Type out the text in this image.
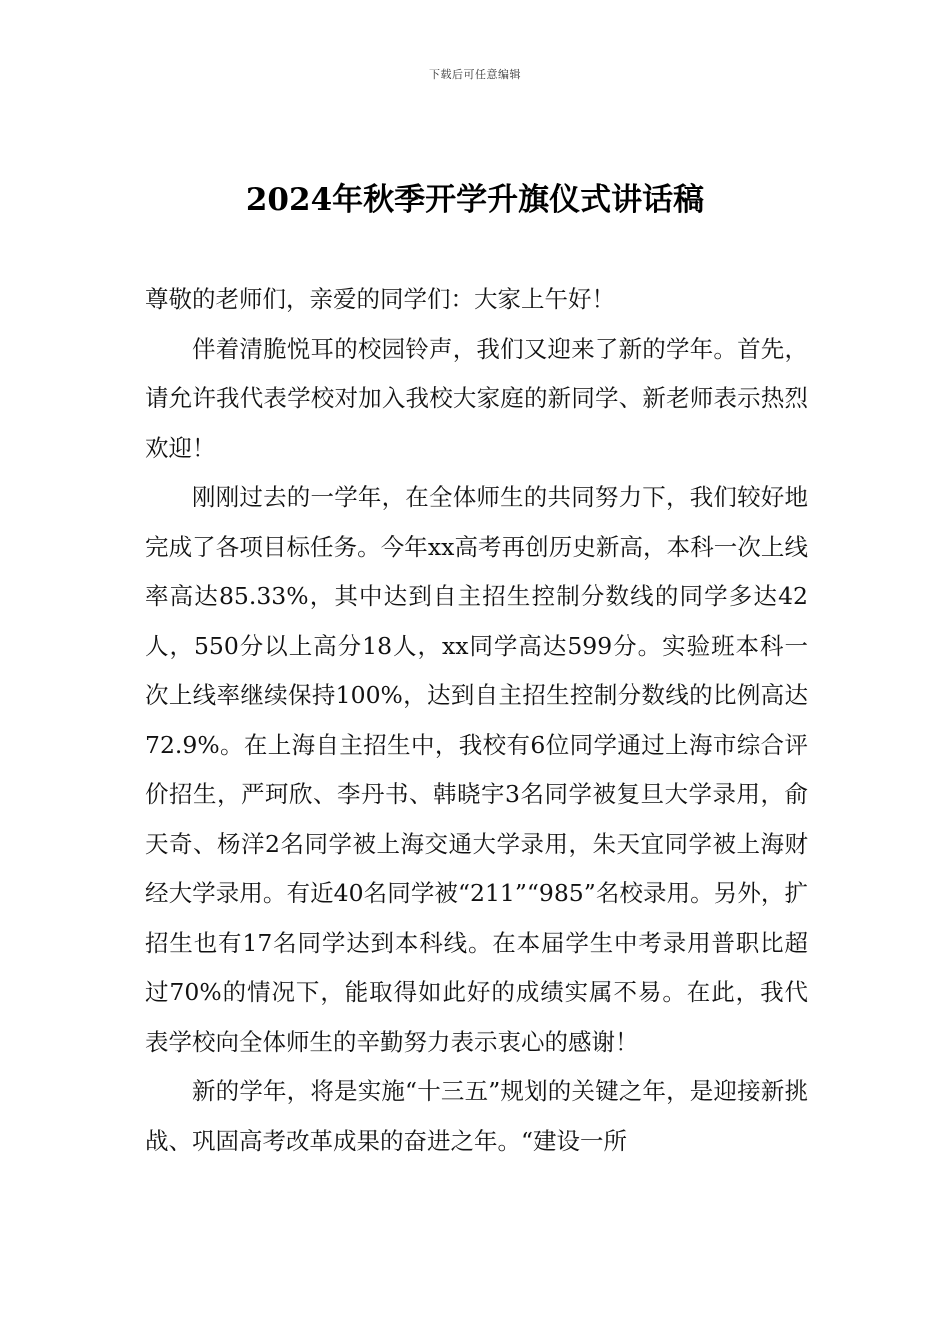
下载后可任意编辑
2024年秋季开学升旗仪式讲话稿

尊敬的老师们，亲爱的同学们：大家上午好！

伴着清脆悦耳的校园铃声，我们又迎来了新的学年。首先，请允许我代表学校对加入我校大家庭的新同学、新老师表示热烈欢迎！

刚刚过去的一学年，在全体师生的共同努力下，我们较好地完成了各项目标任务。今年xx高考再创历史新高，本科一次上线率高达85.33%，其中达到自主招生控制分数线的同学多达42人，550分以上高分18人，xx同学高达599分。实验班本科一次上线率继续保持100%，达到自主招生控制分数线的比例高达72.9%。在上海自主招生中，我校有6位同学通过上海市综合评价招生，严珂欣、李丹书、韩晓宇3名同学被复旦大学录用，俞天奇、杨洋2名同学被上海交通大学录用，朱天宜同学被上海财经大学录用。有近40名同学被“211”“985”名校录用。另外，扩招生也有17名同学达到本科线。在本届学生中考录用普职比超过70%的情况下，能取得如此好的成绩实属不易。在此，我代表学校向全体师生的辛勤努力表示衷心的感谢！

新的学年，将是实施“十三五”规划的关键之年，是迎接新挑战、巩固高考改革成果的奋进之年。“建设一所
